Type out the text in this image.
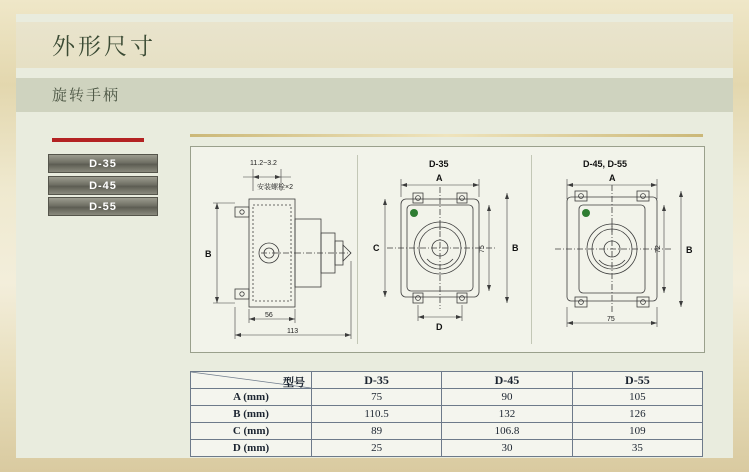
外形尺寸
旋转手柄
D-35
D-45
D-55
11.2~3.2
安装螺栓×2
B
56
113
D-35
A
C	75	B
D
D-45, D-55
A
72	B
75
型号	D-35	D-45	D-55
A (mm)	75	90	105
B (mm)	110.5	132	126
C (mm)	89	106.8	109
D (mm)	25	30	35
